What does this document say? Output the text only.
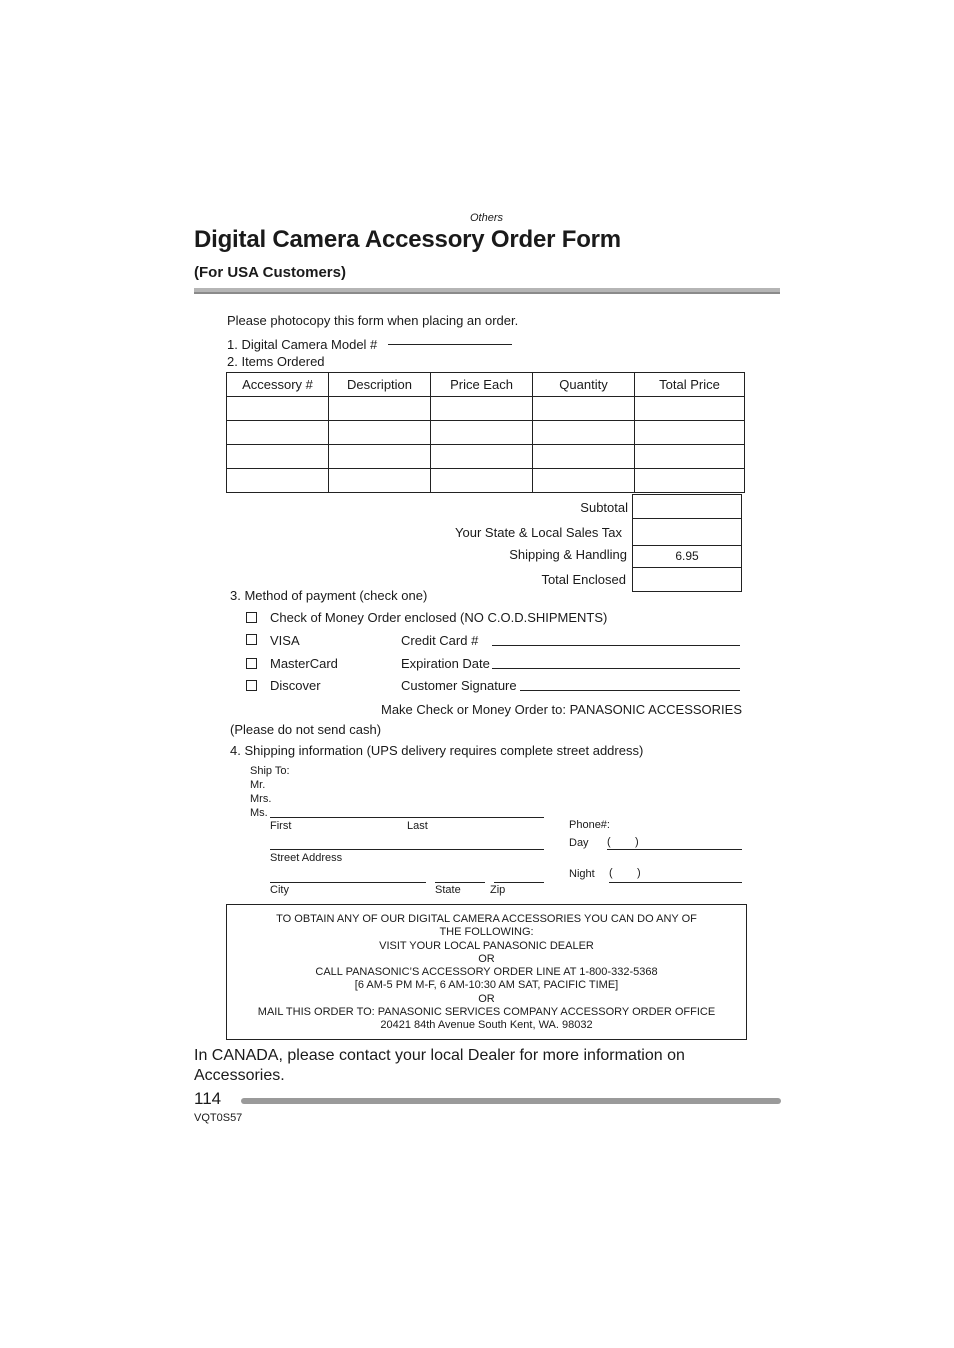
Others
Digital Camera Accessory Order Form
(For USA Customers)
Please photocopy this form when placing an order.
1. Digital Camera Model #
2. Items Ordered
Accessory #	Description	Price Each	Quantity	Total Price

Subtotal
Your State & Local Sales Tax
Shipping & Handling	6.95
Total Enclosed
3. Method of payment (check one)
Check of Money Order enclosed (NO C.O.D.SHIPMENTS)
VISA	Credit Card #
MasterCard	Expiration Date
Discover	Customer Signature
Make Check or Money Order to: PANASONIC ACCESSORIES
(Please do not send cash)
4. Shipping information (UPS delivery requires complete street address)
Ship To:
Mr.
Mrs.
Ms.
First	Last
Street Address
City	State	Zip
Phone#:
Day ( )
Night ( )
TO OBTAIN ANY OF OUR DIGITAL CAMERA ACCESSORIES YOU CAN DO ANY OF
THE FOLLOWING:
VISIT YOUR LOCAL PANASONIC DEALER
OR
CALL PANASONIC’S ACCESSORY ORDER LINE AT 1-800-332-5368
[6 AM-5 PM M-F, 6 AM-10:30 AM SAT, PACIFIC TIME]
OR
MAIL THIS ORDER TO: PANASONIC SERVICES COMPANY ACCESSORY ORDER OFFICE
20421 84th Avenue South Kent, WA. 98032
In CANADA, please contact your local Dealer for more information on Accessories.
114
VQT0S57
